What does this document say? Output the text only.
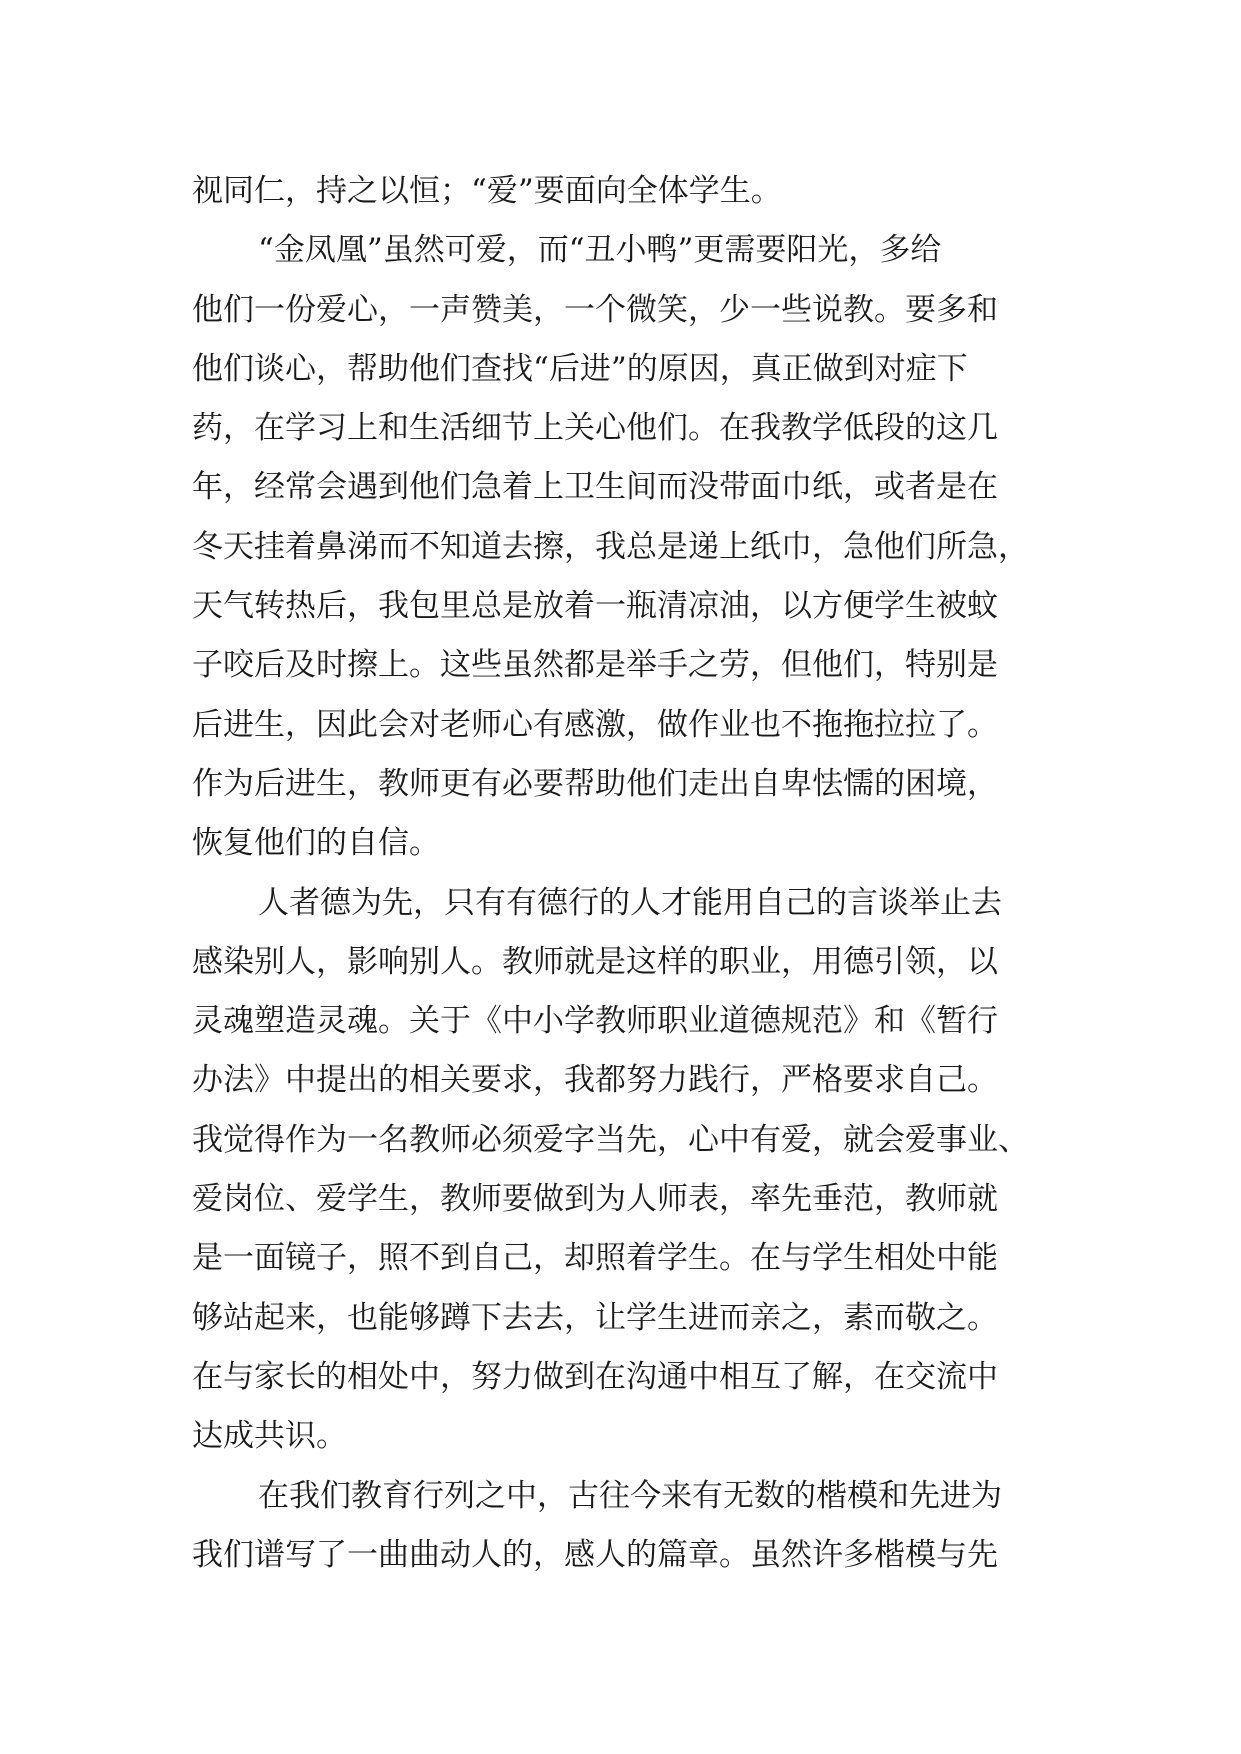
视同仁，持之以恒；“爱”要面向全体学生。
“金凤凰”虽然可爱，而“丑小鸭”更需要阳光，多给
他们一份爱心，一声赞美，一个微笑，少一些说教。要多和
他们谈心，帮助他们查找“后进”的原因，真正做到对症下
药，在学习上和生活细节上关心他们。在我教学低段的这几
年，经常会遇到他们急着上卫生间而没带面巾纸，或者是在
冬天挂着鼻涕而不知道去擦，我总是递上纸巾，急他们所急，
天气转热后，我包里总是放着一瓶清凉油，以方便学生被蚊
子咬后及时擦上。这些虽然都是举手之劳，但他们，特别是
后进生，因此会对老师心有感激，做作业也不拖拖拉拉了。
作为后进生，教师更有必要帮助他们走出自卑怯懦的困境，
恢复他们的自信。
人者德为先，只有有德行的人才能用自己的言谈举止去
感染别人，影响别人。教师就是这样的职业，用德引领，以
灵魂塑造灵魂。关于《中小学教师职业道德规范》和《暂行
办法》中提出的相关要求，我都努力践行，严格要求自己。
我觉得作为一名教师必须爱字当先，心中有爱，就会爱事业、
爱岗位、爱学生，教师要做到为人师表，率先垂范，教师就
是一面镜子，照不到自己，却照着学生。在与学生相处中能
够站起来，也能够蹲下去去，让学生进而亲之，素而敬之。
在与家长的相处中，努力做到在沟通中相互了解，在交流中
达成共识。
在我们教育行列之中，古往今来有无数的楷模和先进为
我们谱写了一曲曲动人的，感人的篇章。虽然许多楷模与先
